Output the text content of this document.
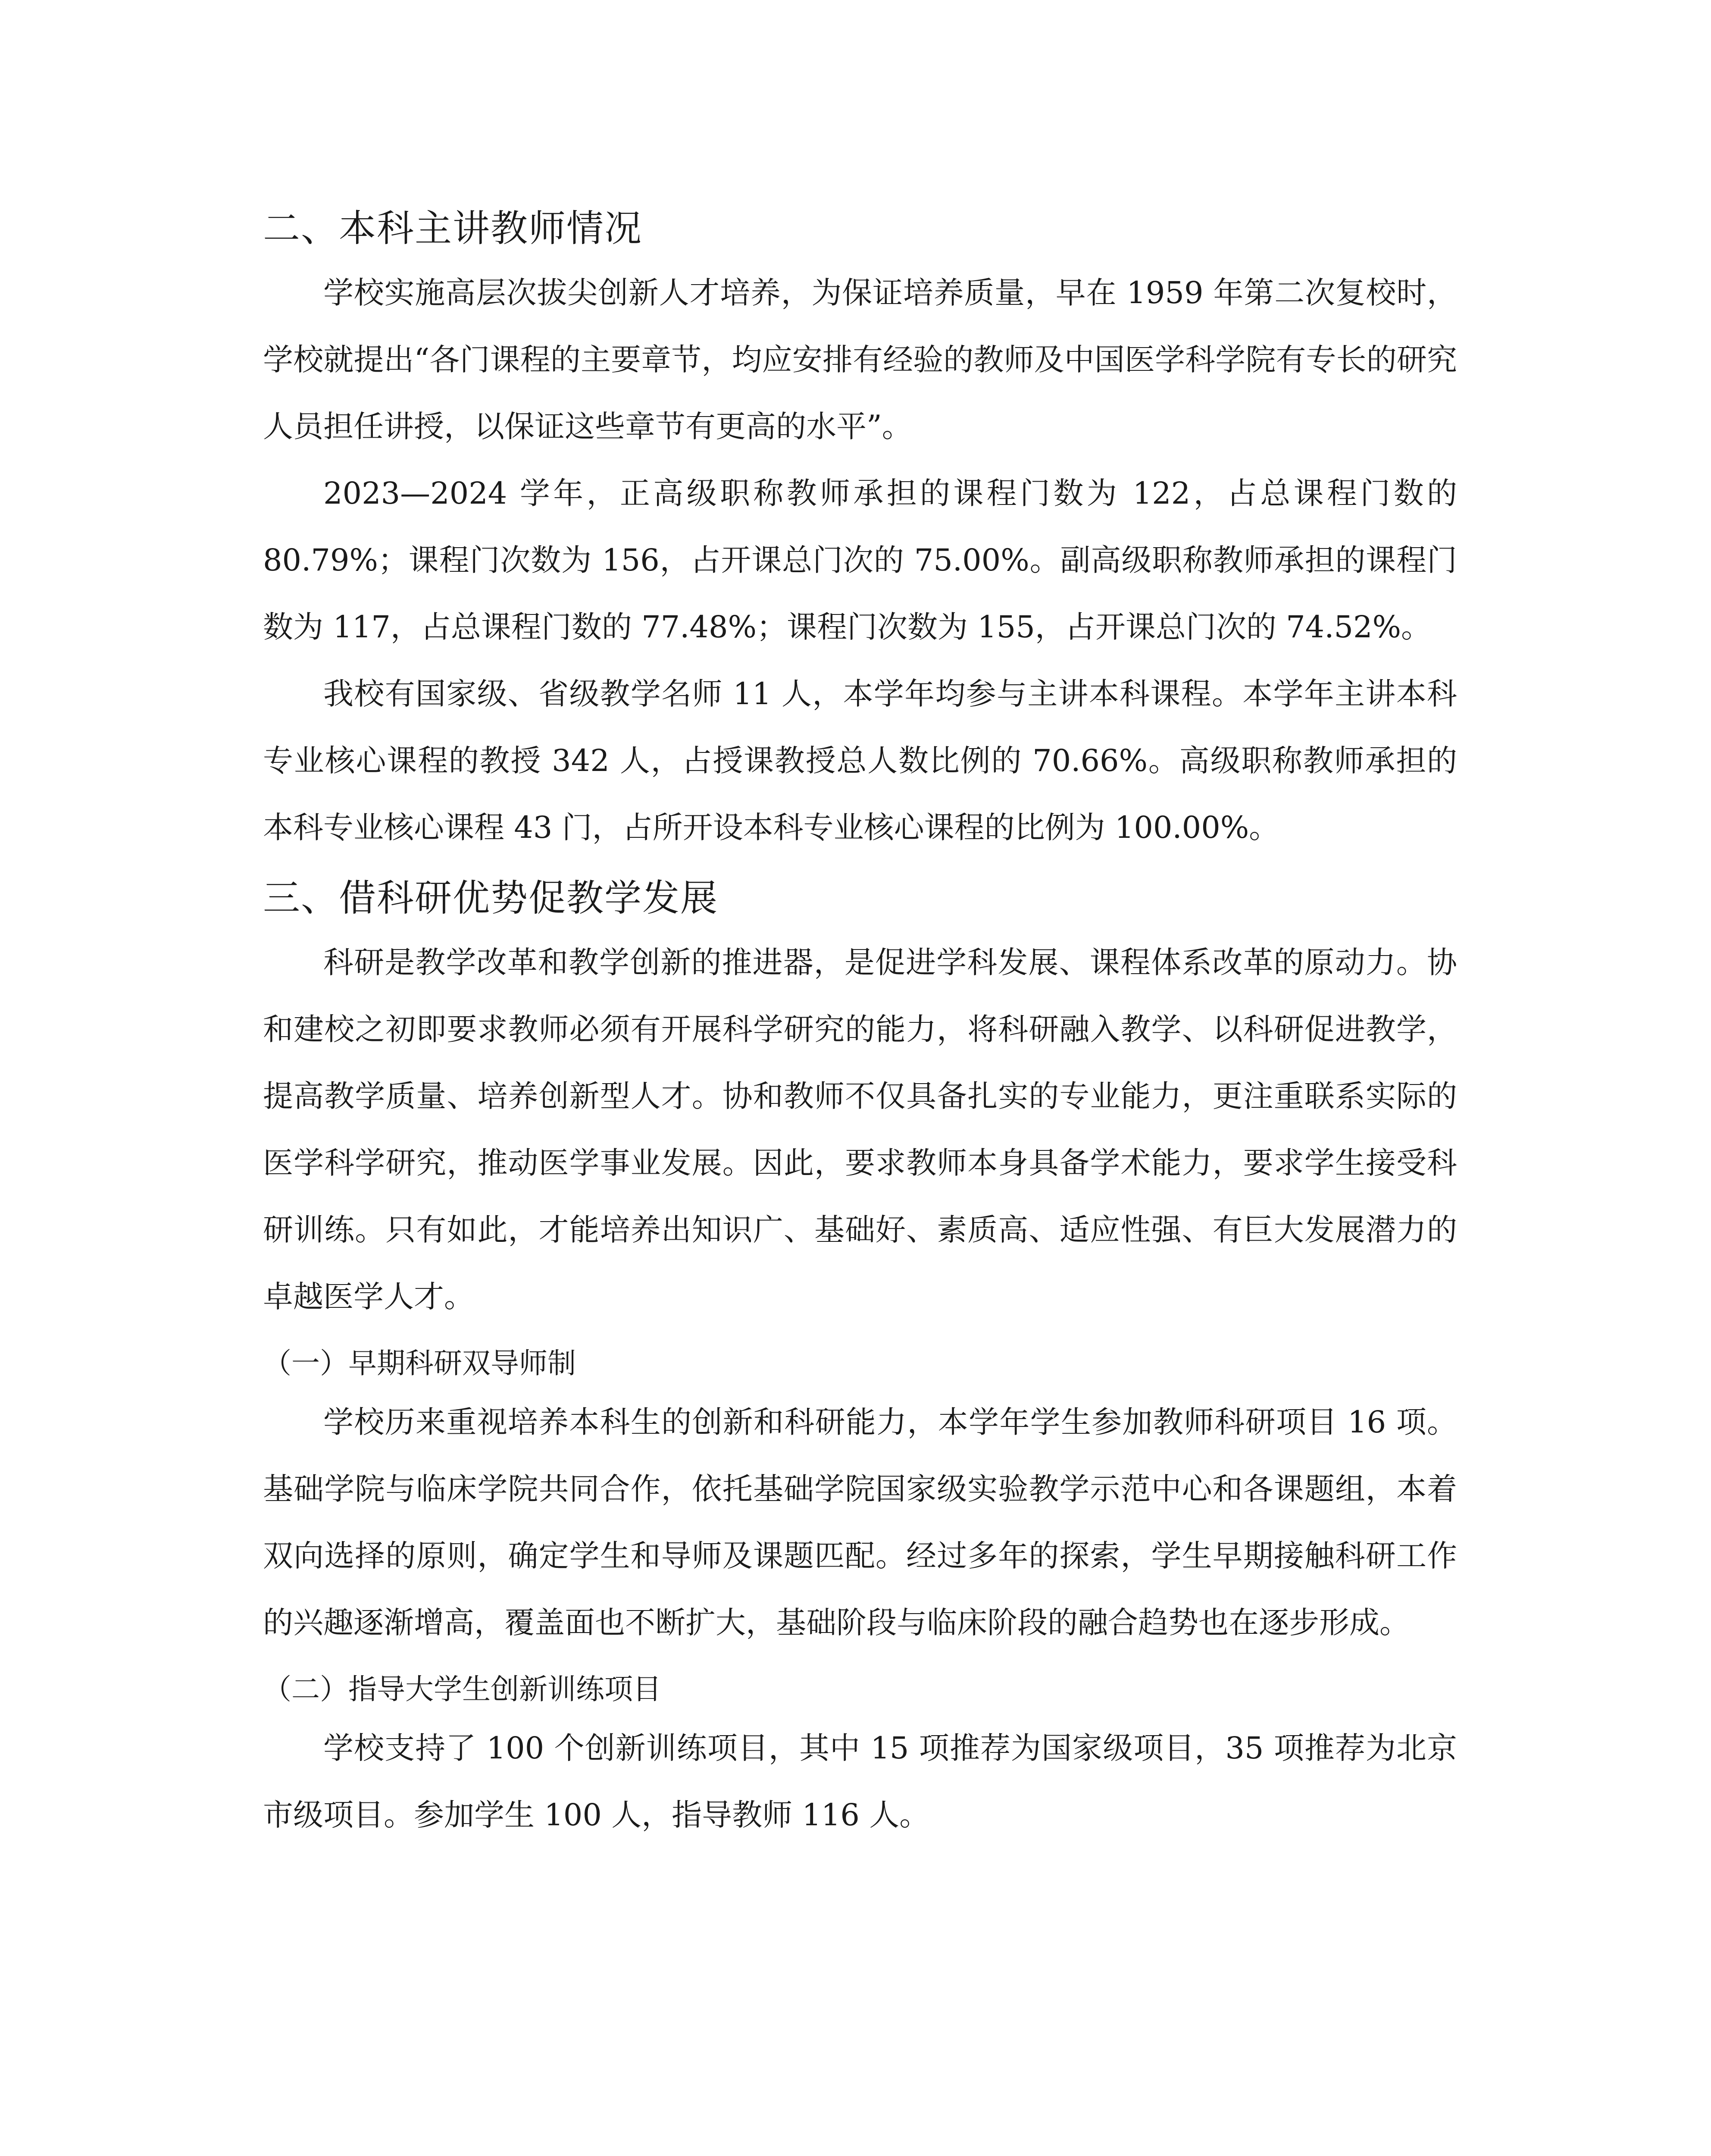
二、本科主讲教师情况

学校实施高层次拔尖创新人才培养，为保证培养质量，早在 1959 年第二次复校时，学校就提出“各门课程的主要章节，均应安排有经验的教师及中国医学科学院有专长的研究人员担任讲授，以保证这些章节有更高的水平”。

2023—2024 学年，正高级职称教师承担的课程门数为 122，占总课程门数的 80.79%；课程门次数为 156，占开课总门次的 75.00%。副高级职称教师承担的课程门数为 117，占总课程门数的 77.48%；课程门次数为 155，占开课总门次的 74.52%。

我校有国家级、省级教学名师 11 人，本学年均参与主讲本科课程。本学年主讲本科专业核心课程的教授 342 人，占授课教授总人数比例的 70.66%。高级职称教师承担的本科专业核心课程 43 门，占所开设本科专业核心课程的比例为 100.00%。

三、借科研优势促教学发展

科研是教学改革和教学创新的推进器，是促进学科发展、课程体系改革的原动力。协和建校之初即要求教师必须有开展科学研究的能力，将科研融入教学、以科研促进教学，提高教学质量、培养创新型人才。协和教师不仅具备扎实的专业能力，更注重联系实际的医学科学研究，推动医学事业发展。因此，要求教师本身具备学术能力，要求学生接受科研训练。只有如此，才能培养出知识广、基础好、素质高、适应性强、有巨大发展潜力的卓越医学人才。

（一）早期科研双导师制

学校历来重视培养本科生的创新和科研能力，本学年学生参加教师科研项目 16 项。基础学院与临床学院共同合作，依托基础学院国家级实验教学示范中心和各课题组，本着双向选择的原则，确定学生和导师及课题匹配。经过多年的探索，学生早期接触科研工作的兴趣逐渐增高，覆盖面也不断扩大，基础阶段与临床阶段的融合趋势也在逐步形成。

（二）指导大学生创新训练项目

学校支持了 100 个创新训练项目，其中 15 项推荐为国家级项目，35 项推荐为北京市级项目。参加学生 100 人，指导教师 116 人。
